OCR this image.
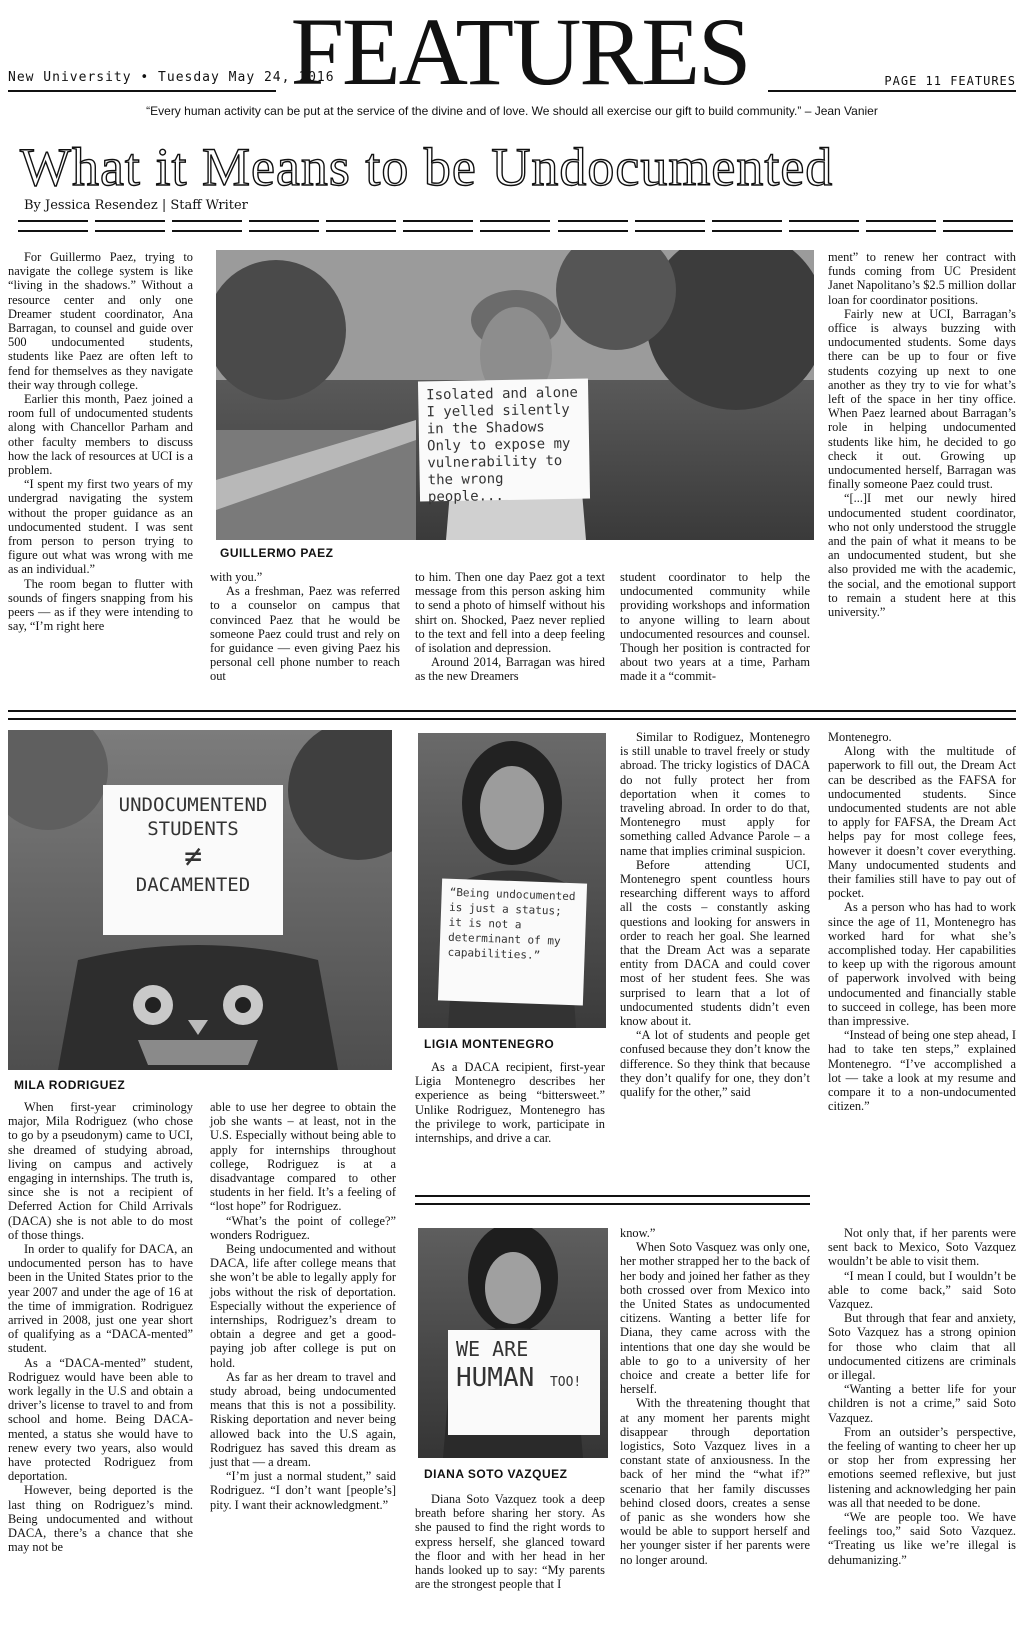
New University • Tuesday May 24, 2016
FEATURES	PAGE 11 FEATURES
“Every human activity can be put at the service of the divine and of love. We should all exercise our gift to build community.” – Jean Vanier
What it Means to be Undocumented
By Jessica Resendez | Staff Writer

For Guillermo Paez, trying to navigate the college system is like “living in the shadows.” Without a resource center and only one Dreamer student coordinator, Ana Barragan, to counsel and guide over 500 undocumented students, students like Paez are often left to fend for themselves as they navigate their way through college.

Earlier this month, Paez joined a room full of undocumented students along with Chancellor Parham and other faculty members to discuss how the lack of resources at UCI is a problem.

“I spent my first two years of my undergrad navigating the system without the proper guidance as an undocumented student. I was sent from person to person trying to figure out what was wrong with me as an individual.”

The room began to flutter with sounds of fingers snapping from his peers — as if they were intending to say, “I’m right here

Isolated and alone I yelled silently in the Shadows Only to expose my vulnerability to the wrong people...
GUILLERMO PAEZ

with you.”

As a freshman, Paez was referred to a counselor on campus that convinced Paez that he would be someone Paez could trust and rely on for guidance — even giving Paez his personal cell phone number to reach out

to him. Then one day Paez got a text message from this person asking him to send a photo of himself without his shirt on. Shocked, Paez never replied to the text and fell into a deep feeling of isolation and depression.

Around 2014, Barragan was hired as the new Dreamers

student coordinator to help the undocumented community while providing workshops and information to anyone willing to learn about undocumented resources and counsel. Though her position is contracted for about two years at a time, Parham made it a “commit-

ment” to renew her contract with funds coming from UC President Janet Napolitano’s $2.5 million dollar loan for coordinator positions.

Fairly new at UCI, Barragan’s office is always buzzing with undocumented students. Some days there can be up to four or five students cozying up next to one another as they try to vie for what’s left of the space in her tiny office. When Paez learned about Barragan’s role in helping undocumented students like him, he decided to go check it out. Growing up undocumented herself, Barragan was finally someone Paez could trust.

“[...]I met our newly hired undocumented student coordinator, who not only understood the struggle and the pain of what it means to be an undocumented student, but she also provided me with the academic, the social, and the emotional support to remain a student here at this university.”

UNDOCUMENTEND STUDENTS
≠
DACAMENTED
MILA RODRIGUEZ

When first-year criminology major, Mila Rodriguez (who chose to go by a pseudonym) came to UCI, she dreamed of studying abroad, living on campus and actively engaging in internships. The truth is, since she is not a recipient of Deferred Action for Child Arrivals (DACA) she is not able to do most of those things.

In order to qualify for DACA, an undocumented person has to have been in the United States prior to the year 2007 and under the age of 16 at the time of immigration. Rodriguez arrived in 2008, just one year short of qualifying as a “DACA-mented” student.

As a “DACA-mented” student, Rodriguez would have been able to work legally in the U.S and obtain a driver’s license to travel to and from school and home. Being DACA-mented, a status she would have to renew every two years, also would have protected Rodriguez from deportation.

However, being deported is the last thing on Rodriguez’s mind. Being undocumented and without DACA, there’s a chance that she may not be

able to use her degree to obtain the job she wants – at least, not in the U.S. Especially without being able to apply for internships throughout college, Rodriguez is at a disadvantage compared to other students in her field. It’s a feeling of “lost hope” for Rodriguez.

“What’s the point of college?” wonders Rodriguez.

Being undocumented and without DACA, life after college means that she won’t be able to legally apply for jobs without the risk of deportation. Especially without the experience of internships, Rodriguez’s dream to obtain a degree and get a good-paying job after college is put on hold.

As far as her dream to travel and study abroad, being undocumented means that this is not a possibility. Risking deportation and never being allowed back into the U.S again, Rodriguez has saved this dream as just that — a dream.

“I’m just a normal student,” said Rodriguez. “I don’t want [people’s] pity. I want their acknowledgment.”

“Being undocumented is just a status; it is not a determinant of my capabilities.”
LIGIA MONTENEGRO

As a DACA recipient, first-year Ligia Montenegro describes her experience as being “bittersweet.” Unlike Rodriguez, Montenegro has the privilege to work, participate in internships, and drive a car.

Similar to Rodiguez, Montenegro is still unable to travel freely or study abroad. The tricky logistics of DACA do not fully protect her from deportation when it comes to traveling abroad. In order to do that, Montenegro must apply for something called Advance Parole – a name that implies criminal suspicion.

Before attending UCI, Montenegro spent countless hours researching different ways to afford all the costs – constantly asking questions and looking for answers in order to reach her goal. She learned that the Dream Act was a separate entity from DACA and could cover most of her student fees. She was surprised to learn that a lot of undocumented students didn’t even know about it.

“A lot of students and people get confused because they don’t know the difference. So they think that because they don’t qualify for one, they don’t qualify for the other,” said

Montenegro.

Along with the multitude of paperwork to fill out, the Dream Act can be described as the FAFSA for undocumented students. Since undocumented students are not able to apply for FAFSA, the Dream Act helps pay for most college fees, however it doesn’t cover everything. Many undocumented students and their families still have to pay out of pocket.

As a person who has had to work since the age of 11, Montenegro has worked hard for what she’s accomplished today. Her capabilities to keep up with the rigorous amount of paperwork involved with being undocumented and financially stable to succeed in college, has been more than impressive.

“Instead of being one step ahead, I had to take ten steps,” explained Montenegro. “I’ve accomplished a lot — take a look at my resume and compare it to a non-undocumented citizen.”

WE ARE
HUMAN TOO!
DIANA SOTO VAZQUEZ

Diana Soto Vazquez took a deep breath before sharing her story. As she paused to find the right words to express herself, she glanced toward the floor and with her head in her hands looked up to say: “My parents are the strongest people that I

know.”

When Soto Vasquez was only one, her mother strapped her to the back of her body and joined her father as they both crossed over from Mexico into the United States as undocumented citizens. Wanting a better life for Diana, they came across with the intentions that one day she would be able to go to a university of her choice and create a better life for herself.

With the threatening thought that at any moment her parents might disappear through deportation logistics, Soto Vazquez lives in a constant state of anxiousness. In the back of her mind the “what if?” scenario that her family discusses behind closed doors, creates a sense of panic as she wonders how she would be able to support herself and her younger sister if her parents were no longer around.

Not only that, if her parents were sent back to Mexico, Soto Vazquez wouldn’t be able to visit them.

“I mean I could, but I wouldn’t be able to come back,” said Soto Vazquez.

But through that fear and anxiety, Soto Vazquez has a strong opinion for those who claim that all undocumented citizens are criminals or illegal.

“Wanting a better life for your children is not a crime,” said Soto Vazquez.

From an outsider’s perspective, the feeling of wanting to cheer her up or stop her from expressing her emotions seemed reflexive, but just listening and acknowledging her pain was all that needed to be done.

“We are people too. We have feelings too,” said Soto Vazquez. “Treating us like we’re illegal is dehumanizing.”
